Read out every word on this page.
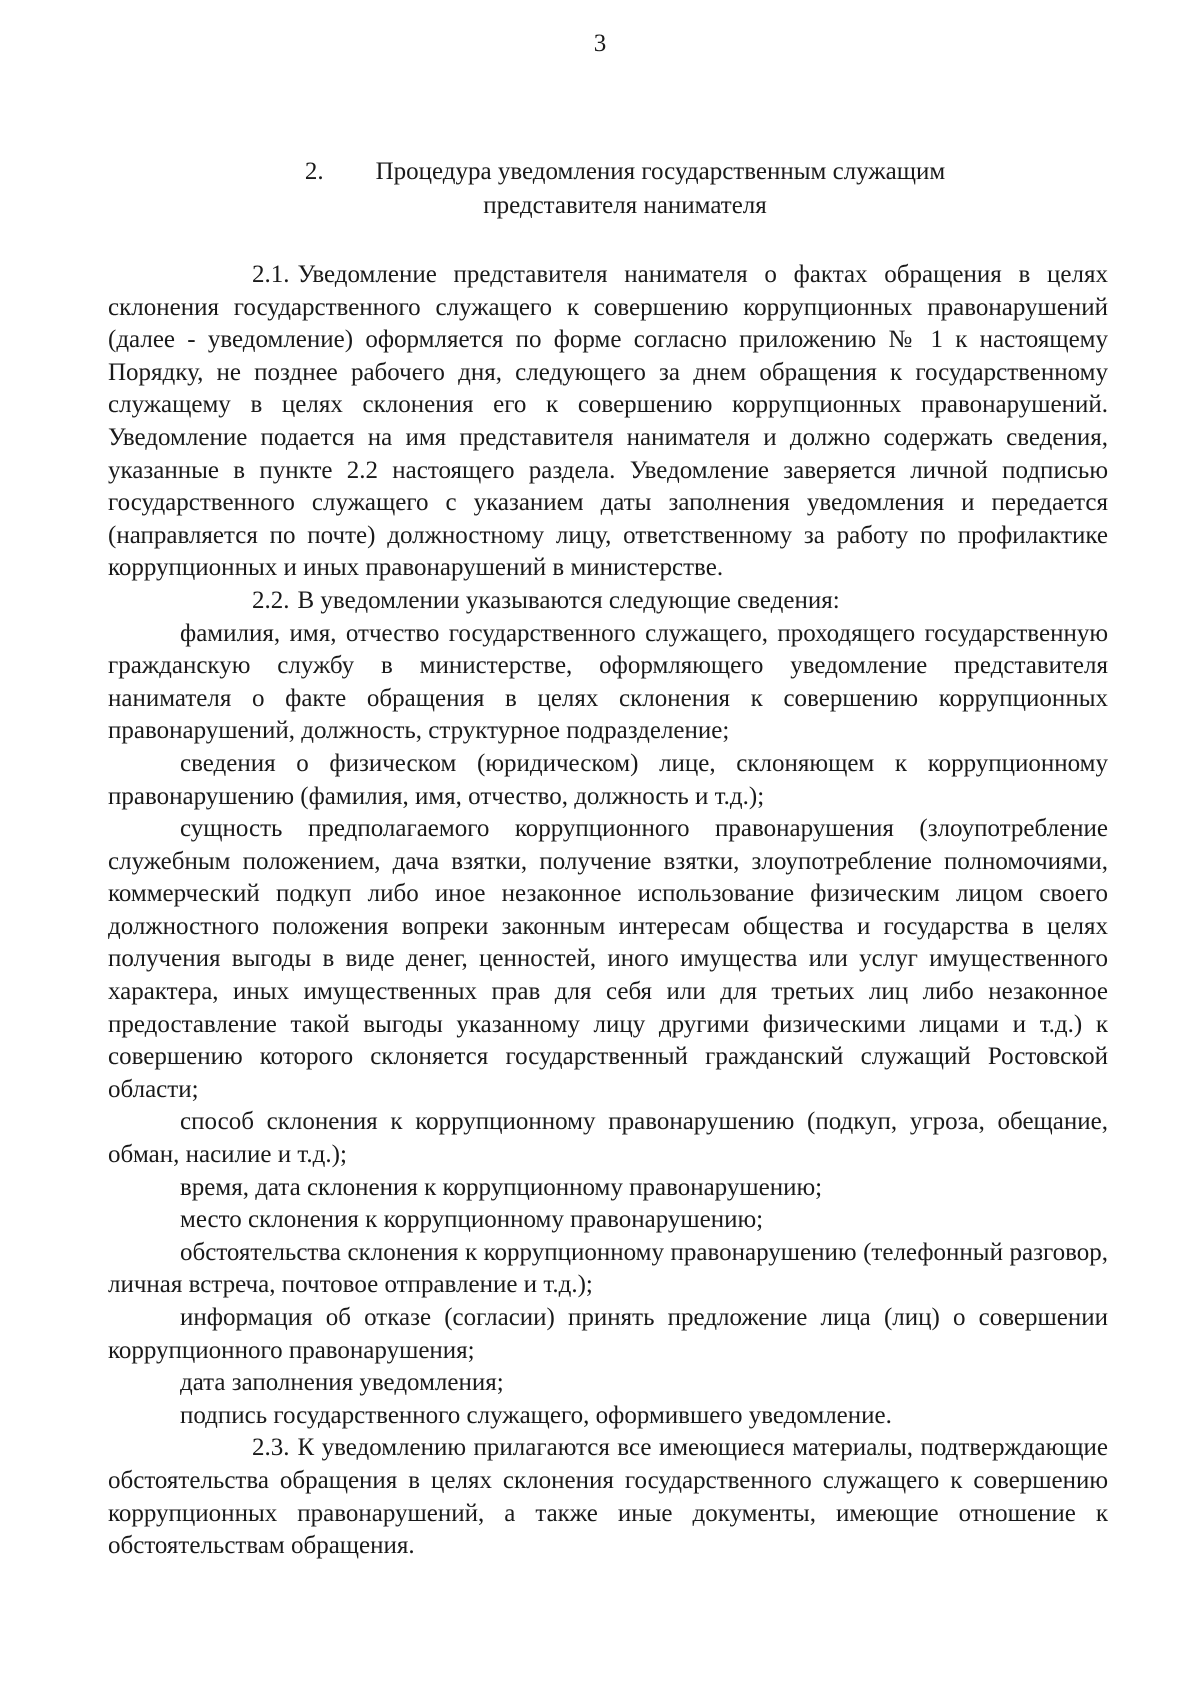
3
2. Процедура уведомления государственным служащим
представителя нанимателя

2.1. Уведомление представителя нанимателя о фактах обращения в целях склонения государственного служащего к совершению коррупционных правонарушений (далее - уведомление) оформляется по форме согласно приложению № 1 к настоящему Порядку, не позднее рабочего дня, следующего за днем обращения к государственному служащему в целях склонения его к совершению коррупционных правонарушений. Уведомление подается на имя представителя нанимателя и должно содержать сведения, указанные в пункте 2.2 настоящего раздела. Уведомление заверяется личной подписью государственного служащего с указанием даты заполнения уведомления и передается (направляется по почте) должностному лицу, ответственному за работу по профилактике коррупционных и иных правонарушений в министерстве.

2.2. В уведомлении указываются следующие сведения:

фамилия, имя, отчество государственного служащего, проходящего государственную гражданскую службу в министерстве, оформляющего уведомление представителя нанимателя о факте обращения в целях склонения к совершению коррупционных правонарушений, должность, структурное подразделение;

сведения о физическом (юридическом) лице, склоняющем к коррупционному правонарушению (фамилия, имя, отчество, должность и т.д.);

сущность предполагаемого коррупционного правонарушения (злоупотребление служебным положением, дача взятки, получение взятки, злоупотребление полномочиями, коммерческий подкуп либо иное незаконное использование физическим лицом своего должностного положения вопреки законным интересам общества и государства в целях получения выгоды в виде денег, ценностей, иного имущества или услуг имущественного характера, иных имущественных прав для себя или для третьих лиц либо незаконное предоставление такой выгоды указанному лицу другими физическими лицами и т.д.) к совершению которого склоняется государственный гражданский служащий Ростовской области;

способ склонения к коррупционному правонарушению (подкуп, угроза, обещание, обман, насилие и т.д.);

время, дата склонения к коррупционному правонарушению;

место склонения к коррупционному правонарушению;

обстоятельства склонения к коррупционному правонарушению (телефонный разговор, личная встреча, почтовое отправление и т.д.);

информация об отказе (согласии) принять предложение лица (лиц) о совершении коррупционного правонарушения;

дата заполнения уведомления;

подпись государственного служащего, оформившего уведомление.

2.3. К уведомлению прилагаются все имеющиеся материалы, подтверждающие обстоятельства обращения в целях склонения государственного служащего к совершению коррупционных правонарушений, а также иные документы, имеющие отношение к обстоятельствам обращения.
